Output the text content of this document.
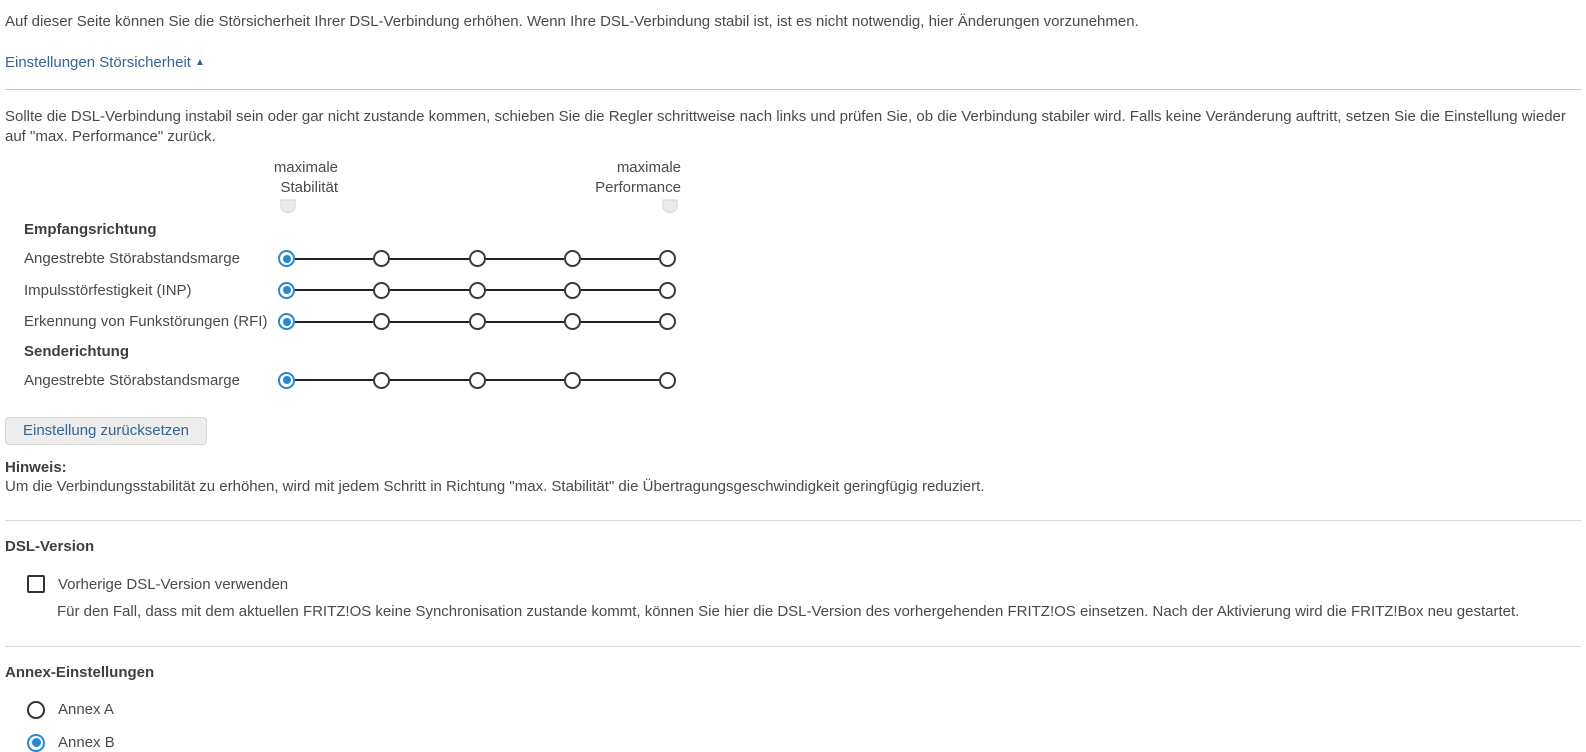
Auf dieser Seite können Sie die Störsicherheit Ihrer DSL-Verbindung erhöhen. Wenn Ihre DSL-Verbindung stabil ist, ist es nicht notwendig, hier Änderungen vorzunehmen.

Einstellungen Störsicherheit ▲

Sollte die DSL-Verbindung instabil sein oder gar nicht zustande kommen, schieben Sie die Regler schrittweise nach links und prüfen Sie, ob die Verbindung stabiler wird. Falls keine Veränderung auftritt, setzen Sie die Einstellung wieder auf "max. Performance" zurück.

maximale
Stabilität
maximale
Performance
Empfangsrichtung
Angestrebte Störabstandsmarge
Impulsstörfestigkeit (INP)
Erkennung von Funkstörungen (RFI)
Senderichtung
Angestrebte Störabstandsmarge
Einstellung zurücksetzen
Hinweis:
Um die Verbindungsstabilität zu erhöhen, wird mit jedem Schritt in Richtung "max. Stabilität" die Übertragungsgeschwindigkeit geringfügig reduziert.
DSL-Version
Vorherige DSL-Version verwenden
Für den Fall, dass mit dem aktuellen FRITZ!OS keine Synchronisation zustande kommt, können Sie hier die DSL-Version des vorhergehenden FRITZ!OS einsetzen. Nach der Aktivierung wird die FRITZ!Box neu gestartet.
Annex-Einstellungen
Annex A
Annex B
